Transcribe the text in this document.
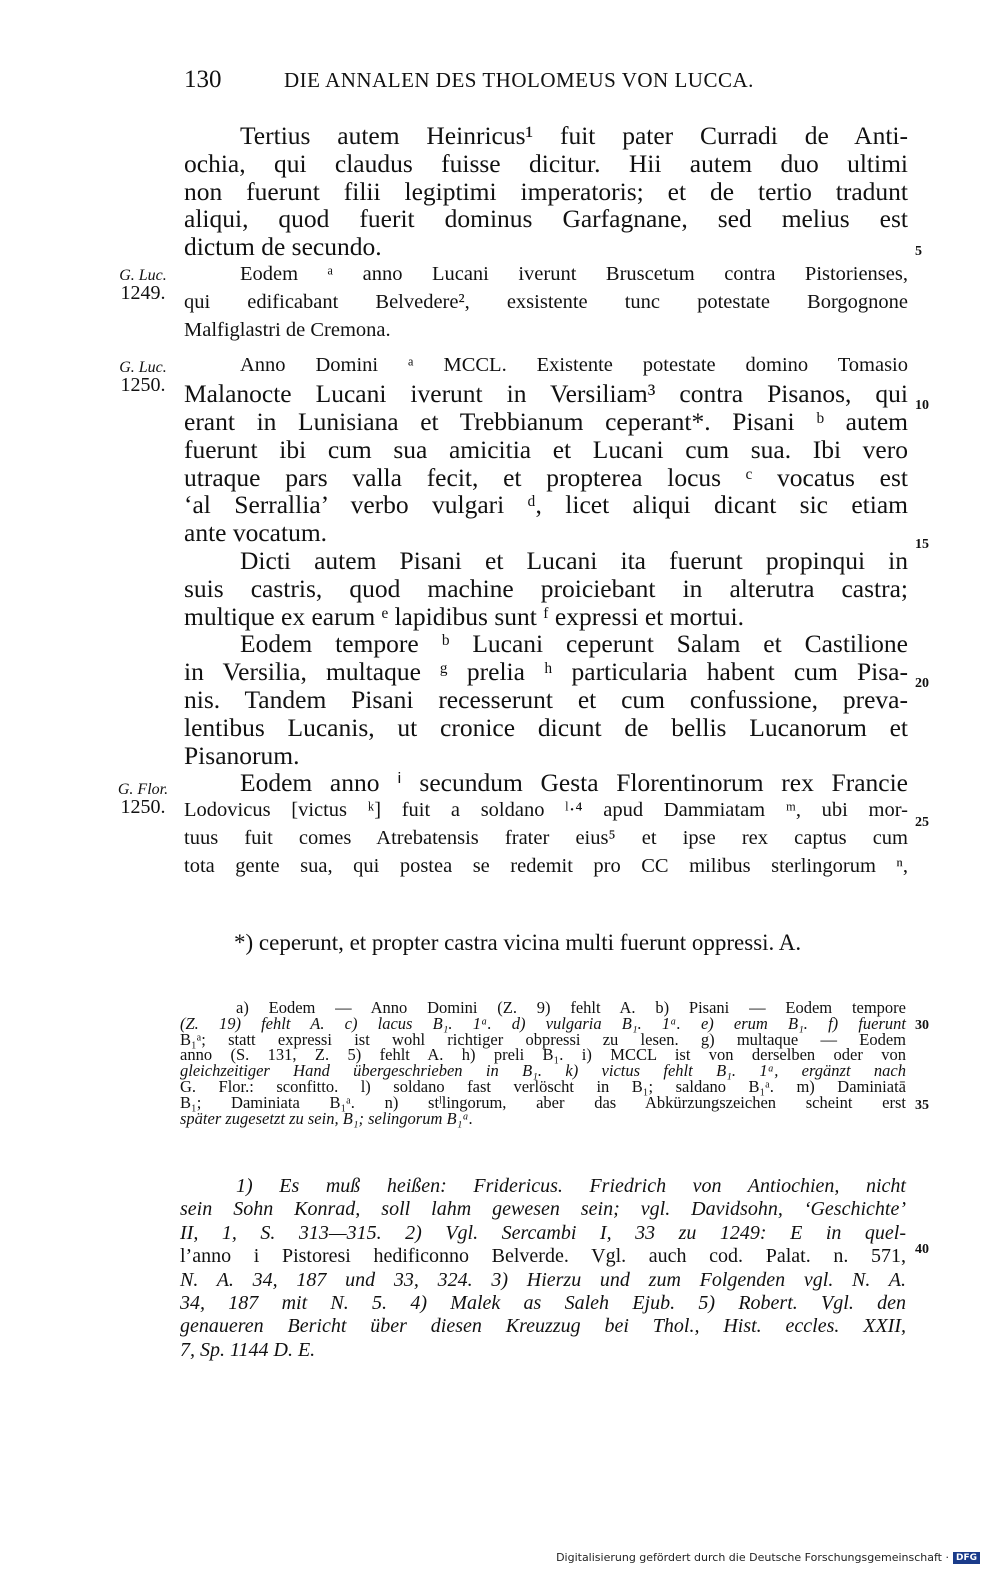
130	DIE ANNALEN DES THOLOMEUS VON LUCCA.
G. Luc.
1249.
G. Luc.
1250.
G. Flor.
1250.
5
10
15
20
25
30
35
40
Tertius autem Heinricus¹ fuit pater Curradi de Anti-
ochia, qui claudus fuisse dicitur. Hii autem duo ultimi
non fuerunt filii legiptimi imperatoris; et de tertio tradunt
aliqui, quod fuerit dominus Garfagnane, sed melius est
dictum de secundo.
Eodem ᵃ anno Lucani iverunt Bruscetum contra Pistorienses,
qui edificabant Belvedere², exsistente tunc potestate Borgognone
Malfiglastri de Cremona.
Anno Domini ᵃ MCCL. Existente potestate domino Tomasio
Malanocte Lucani iverunt in Versiliam³ contra Pisanos, qui
erant in Lunisiana et Trebbianum ceperant*. Pisani ᵇ autem
fuerunt ibi cum sua amicitia et Lucani cum sua. Ibi vero
utraque pars valla fecit, et propterea locus ᶜ vocatus est
‘al Serrallia’ verbo vulgari ᵈ, licet aliqui dicant sic etiam
ante vocatum.
Dicti autem Pisani et Lucani ita fuerunt propinqui in
suis castris, quod machine proiciebant in alterutra castra;
multique ex earum ᵉ lapidibus sunt ᶠ expressi et mortui.
Eodem tempore ᵇ Lucani ceperunt Salam et Castilione
in Versilia, multaque ᵍ prelia ʰ particularia habent cum Pisa-
nis. Tandem Pisani recesserunt et cum confussione, preva-
lentibus Lucanis, ut cronice dicunt de bellis Lucanorum et
Pisanorum.
Eodem anno ⁱ secundum Gesta Florentinorum rex Francie
Lodovicus [victus ᵏ] fuit a soldano ˡ·⁴ apud Dammiatam ᵐ, ubi mor-
tuus fuit comes Atrebatensis frater eius⁵ et ipse rex captus cum
tota gente sua, qui postea se redemit pro CC milibus sterlingorum ⁿ,
*) ceperunt, et propter castra vicina multi fuerunt oppressi. A.
a) Eodem — Anno Domini (Z. 9) fehlt A. b) Pisani — Eodem tempore
(Z. 19) fehlt A. c) lacus B₁. 1ᵃ. d) vulgaria B₁. 1ᵃ. e) erum B₁. f) fuerunt
B₁ᵃ; statt expressi ist wohl richtiger obpressi zu lesen. g) multaque — Eodem
anno (S. 131, Z. 5) fehlt A. h) preli B₁. i) MCCL ist von derselben oder von
gleichzeitiger Hand übergeschrieben in B₁. k) victus fehlt B₁. 1ᵃ, ergänzt nach
G. Flor.: sconfitto. l) soldano fast verlöscht in B₁; saldano B₁ᵃ. m) Daminiatā
B₁; Daminiata B₁ᵃ. n) stˡlingorum, aber das Abkürzungszeichen scheint erst
später zugesetzt zu sein, B₁; selingorum B₁ᵃ.
1) Es muß heißen: Fridericus. Friedrich von Antiochien, nicht
sein Sohn Konrad, soll lahm gewesen sein; vgl. Davidsohn, ‘Geschichte’
II, 1, S. 313—315. 2) Vgl. Sercambi I, 33 zu 1249: E in quel-
l’anno i Pistoresi hedificonno Belverde. Vgl. auch cod. Palat. n. 571,
N. A. 34, 187 und 33, 324. 3) Hierzu und zum Folgenden vgl. N. A.
34, 187 mit N. 5. 4) Malek as Saleh Ejub. 5) Robert. Vgl. den
genaueren Bericht über diesen Kreuzzug bei Thol., Hist. eccles. XXII,
7, Sp. 1144 D. E.
Digitalisierung gefördert durch die Deutsche Forschungsgemeinschaft · DFG
